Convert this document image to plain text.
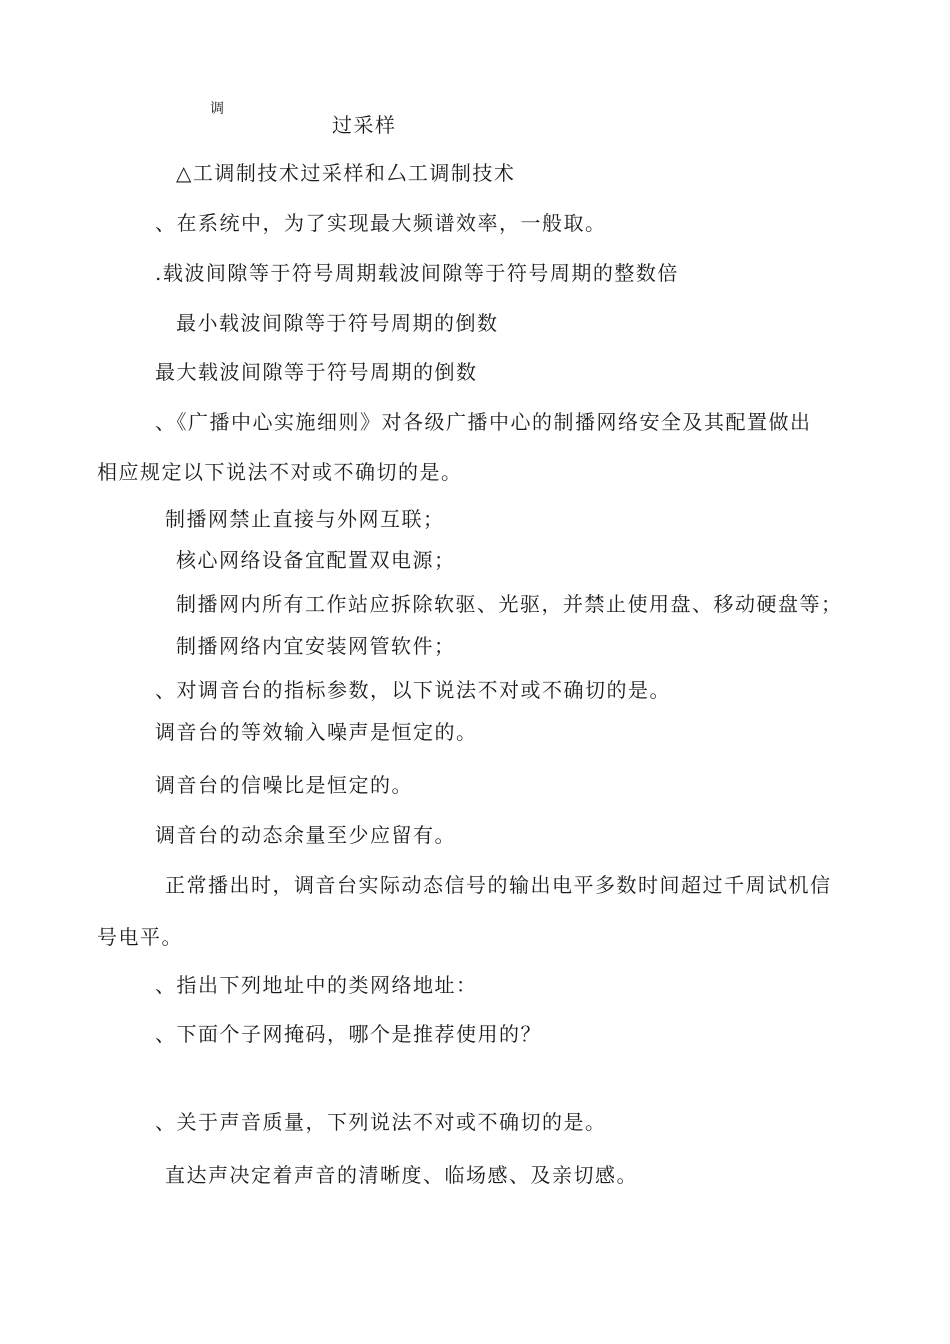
调
过采样
△工调制技术过采样和厶工调制技术
、在系统中，为了实现最大频谱效率，一般取。
.载波间隙等于符号周期载波间隙等于符号周期的整数倍
最小载波间隙等于符号周期的倒数
最大载波间隙等于符号周期的倒数
、《广播中心实施细则》对各级广播中心的制播网络安全及其配置做出
相应规定以下说法不对或不确切的是。
制播网禁止直接与外网互联；
核心网络设备宜配置双电源；
制播网内所有工作站应拆除软驱、光驱，并禁止使用盘、移动硬盘等；
制播网络内宜安装网管软件；
、对调音台的指标参数，以下说法不对或不确切的是。
调音台的等效输入噪声是恒定的。
调音台的信噪比是恒定的。
调音台的动态余量至少应留有。
正常播出时，调音台实际动态信号的输出电平多数时间超过千周试机信
号电平。
、指出下列地址中的类网络地址：
、下面个子网掩码，哪个是推荐使用的？
、关于声音质量，下列说法不对或不确切的是。
直达声决定着声音的清晰度、临场感、及亲切感。
